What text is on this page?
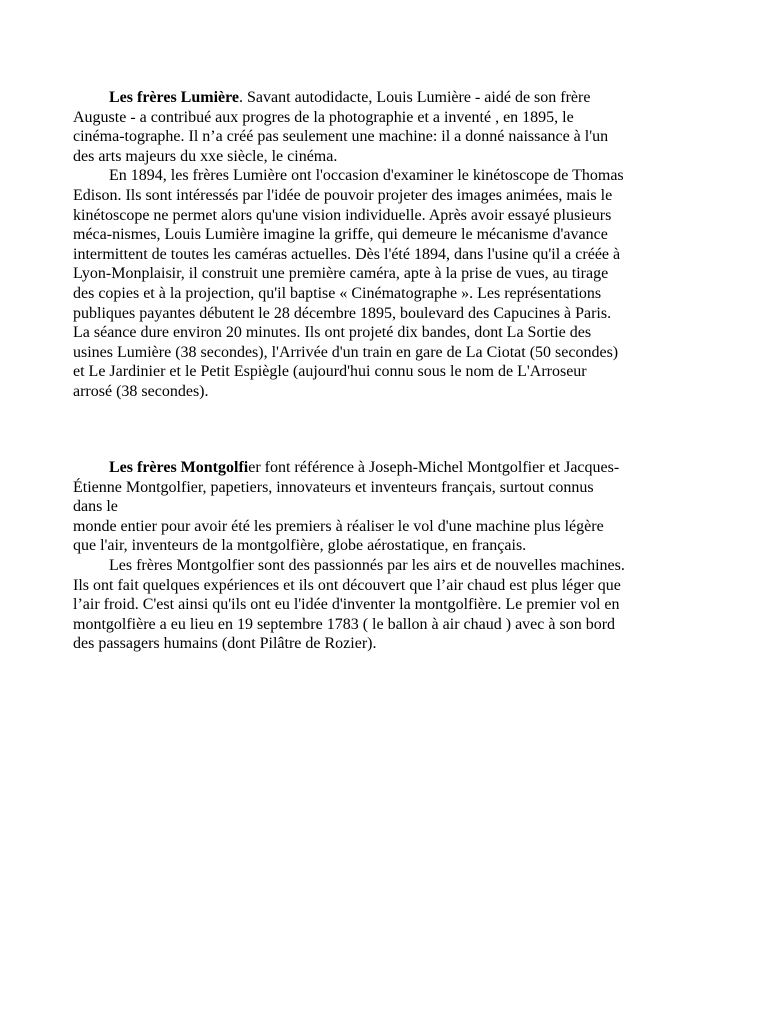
Les frères Lumière. Savant autodidacte, Louis Lumière - aidé de son frère
Auguste - a contribué aux progres de la photographie et a inventé , en 1895, le
cinéma-tographe. Il n’a créé pas seulement une machine: il a donné naissance à l'un
des arts majeurs du xxe siècle, le cinéma.
En 1894, les frères Lumière ont l'occasion d'examiner le kinétoscope de Thomas
Edison. Ils sont intéressés par l'idée de pouvoir projeter des images animées, mais le
kinétoscope ne permet alors qu'une vision individuelle. Après avoir essayé plusieurs
méca-nismes, Louis Lumière imagine la griffe, qui demeure le mécanisme d'avance
intermittent de toutes les caméras actuelles. Dès l'été 1894, dans l'usine qu'il a créée à
Lyon-Monplaisir, il construit une première caméra, apte à la prise de vues, au tirage
des copies et à la projection, qu'il baptise « Cinématographe ». Les représentations
publiques payantes débutent le 28 décembre 1895, boulevard des Capucines à Paris.
La séance dure environ 20 minutes. Ils ont projeté dix bandes, dont La Sortie des
usines Lumière (38 secondes), l'Arrivée d'un train en gare de La Ciotat (50 secondes)
et Le Jardinier et le Petit Espiègle (aujourd'hui connu sous le nom de L'Arroseur
arrosé (38 secondes).
Les frères Montgolfier font référence à Joseph-Michel Montgolfier et Jacques-
Étienne Montgolfier, papetiers, innovateurs et inventeurs français, surtout connus
dans le
monde entier pour avoir été les premiers à réaliser le vol d'une machine plus légère
que l'air, inventeurs de la montgolfière, globe aérostatique, en français.
Les frères Montgolfier sont des passionnés par les airs et de nouvelles machines.
Ils ont fait quelques expériences et ils ont découvert que l’air chaud est plus léger que
l’air froid. C'est ainsi qu'ils ont eu l'idée d'inventer la montgolfière. Le premier vol en
montgolfière a eu lieu en 19 septembre 1783 ( le ballon à air chaud ) avec à son bord
des passagers humains (dont Pilâtre de Rozier).
